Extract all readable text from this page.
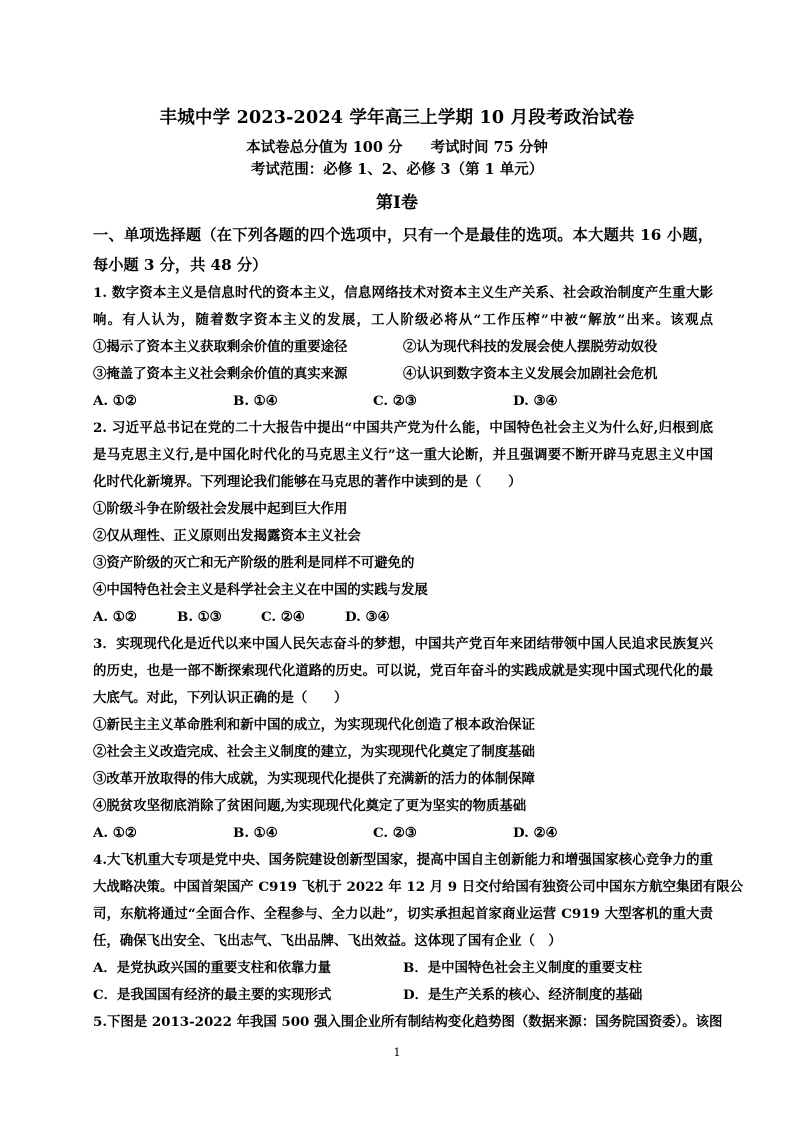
丰城中学 2023-2024 学年高三上学期 10 月段考政治试卷
本试卷总分值为 100 分 考试时间 75 分钟
考试范围：必修 1、2、必修 3（第 1 单元）
第Ⅰ卷
一、单项选择题（在下列各题的四个选项中，只有一个是最佳的选项。本大题共 16 小题，
每小题 3 分，共 48 分）
1. 数字资本主义是信息时代的资本主义，信息网络技术对资本主义生产关系、社会政治制度产生重大影
响。有人认为，随着数字资本主义的发展，工人阶级必将从“工作压榨”中被“解放”出来。该观点
①揭示了资本主义获取剩余价值的重要途径	②认为现代科技的发展会使人摆脱劳动奴役
③掩盖了资本主义社会剩余价值的真实来源	④认识到数字资本主义发展会加剧社会危机
A. ①②	B. ①④	C. ②③	D. ③④
2. 习近平总书记在党的二十大报告中提出“中国共产党为什么能，中国特色社会主义为什么好,归根到底
是马克思主义行,是中国化时代化的马克思主义行”这一重大论断，并且强调要不断开辟马克思主义中国
化时代化新境界。下列理论我们能够在马克思的著作中读到的是（　　）
①阶级斗争在阶级社会发展中起到巨大作用
②仅从理性、正义原则出发揭露资本主义社会
③资产阶级的灭亡和无产阶级的胜利是同样不可避免的
④中国特色社会主义是科学社会主义在中国的实践与发展
A. ①②	B. ①③	C. ②④	D. ③④
3．实现现代化是近代以来中国人民矢志奋斗的梦想，中国共产党百年来团结带领中国人民追求民族复兴
的历史，也是一部不断探索现代化道路的历史。可以说，党百年奋斗的实践成就是实现中国式现代化的最
大底气。对此，下列认识正确的是（　　）
①新民主主义革命胜利和新中国的成立，为实现现代化创造了根本政治保证
②社会主义改造完成、社会主义制度的建立，为实现现代化奠定了制度基础
③改革开放取得的伟大成就，为实现现代化提供了充满新的活力的体制保障
④脱贫攻坚彻底消除了贫困问题,为实现现代化奠定了更为坚实的物质基础
A. ①②	B. ①④	C. ②③	D. ②④
4.大飞机重大专项是党中央、国务院建设创新型国家，提高中国自主创新能力和增强国家核心竞争力的重
大战略决策。中国首架国产 C919 飞机于 2022 年 12 月 9 日交付给国有独资公司中国东方航空集团有限公
司，东航将通过“全面合作、全程参与、全力以赴”，切实承担起首家商业运营 C919 大型客机的重大责
任，确保飞出安全、飞出志气、飞出品牌、飞出效益。这体现了国有企业（　）
A．是党执政兴国的重要支柱和依靠力量	B．是中国特色社会主义制度的重要支柱
C．是我国国有经济的最主要的实现形式	D．是生产关系的核心、经济制度的基础
5.下图是 2013-2022 年我国 500 强入围企业所有制结构变化趋势图（数据来源：国务院国资委）。该图
1
